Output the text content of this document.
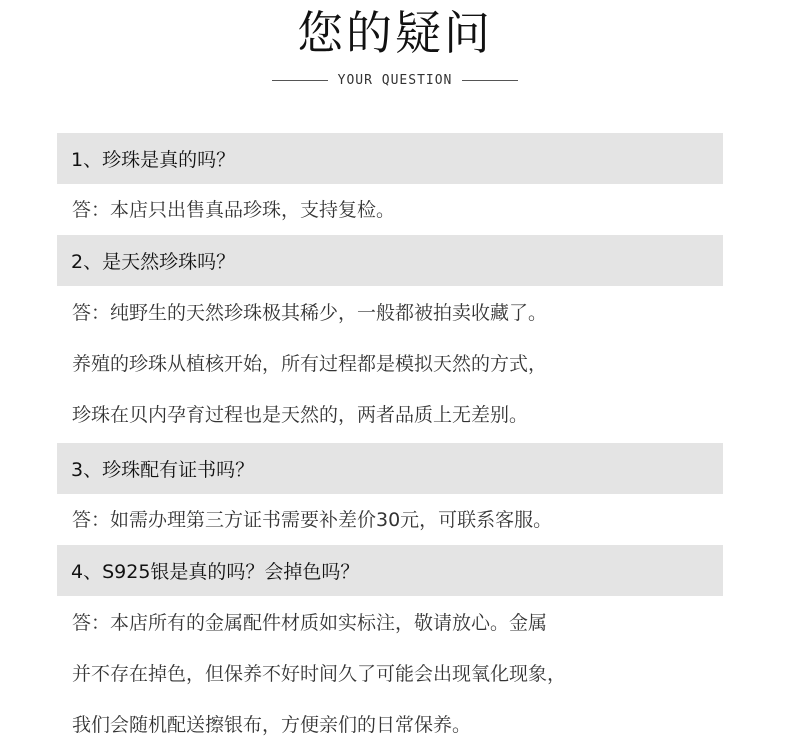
您的疑问
YOUR QUESTION
1、珍珠是真的吗？
答：本店只出售真品珍珠，支持复检。
2、是天然珍珠吗？
答：纯野生的天然珍珠极其稀少，一般都被拍卖收藏了。
养殖的珍珠从植核开始，所有过程都是模拟天然的方式，
珍珠在贝内孕育过程也是天然的，两者品质上无差别。
3、珍珠配有证书吗？
答：如需办理第三方证书需要补差价30元，可联系客服。
4、S925银是真的吗？会掉色吗？
答：本店所有的金属配件材质如实标注，敬请放心。金属
并不存在掉色，但保养不好时间久了可能会出现氧化现象，
我们会随机配送擦银布，方便亲们的日常保养。
